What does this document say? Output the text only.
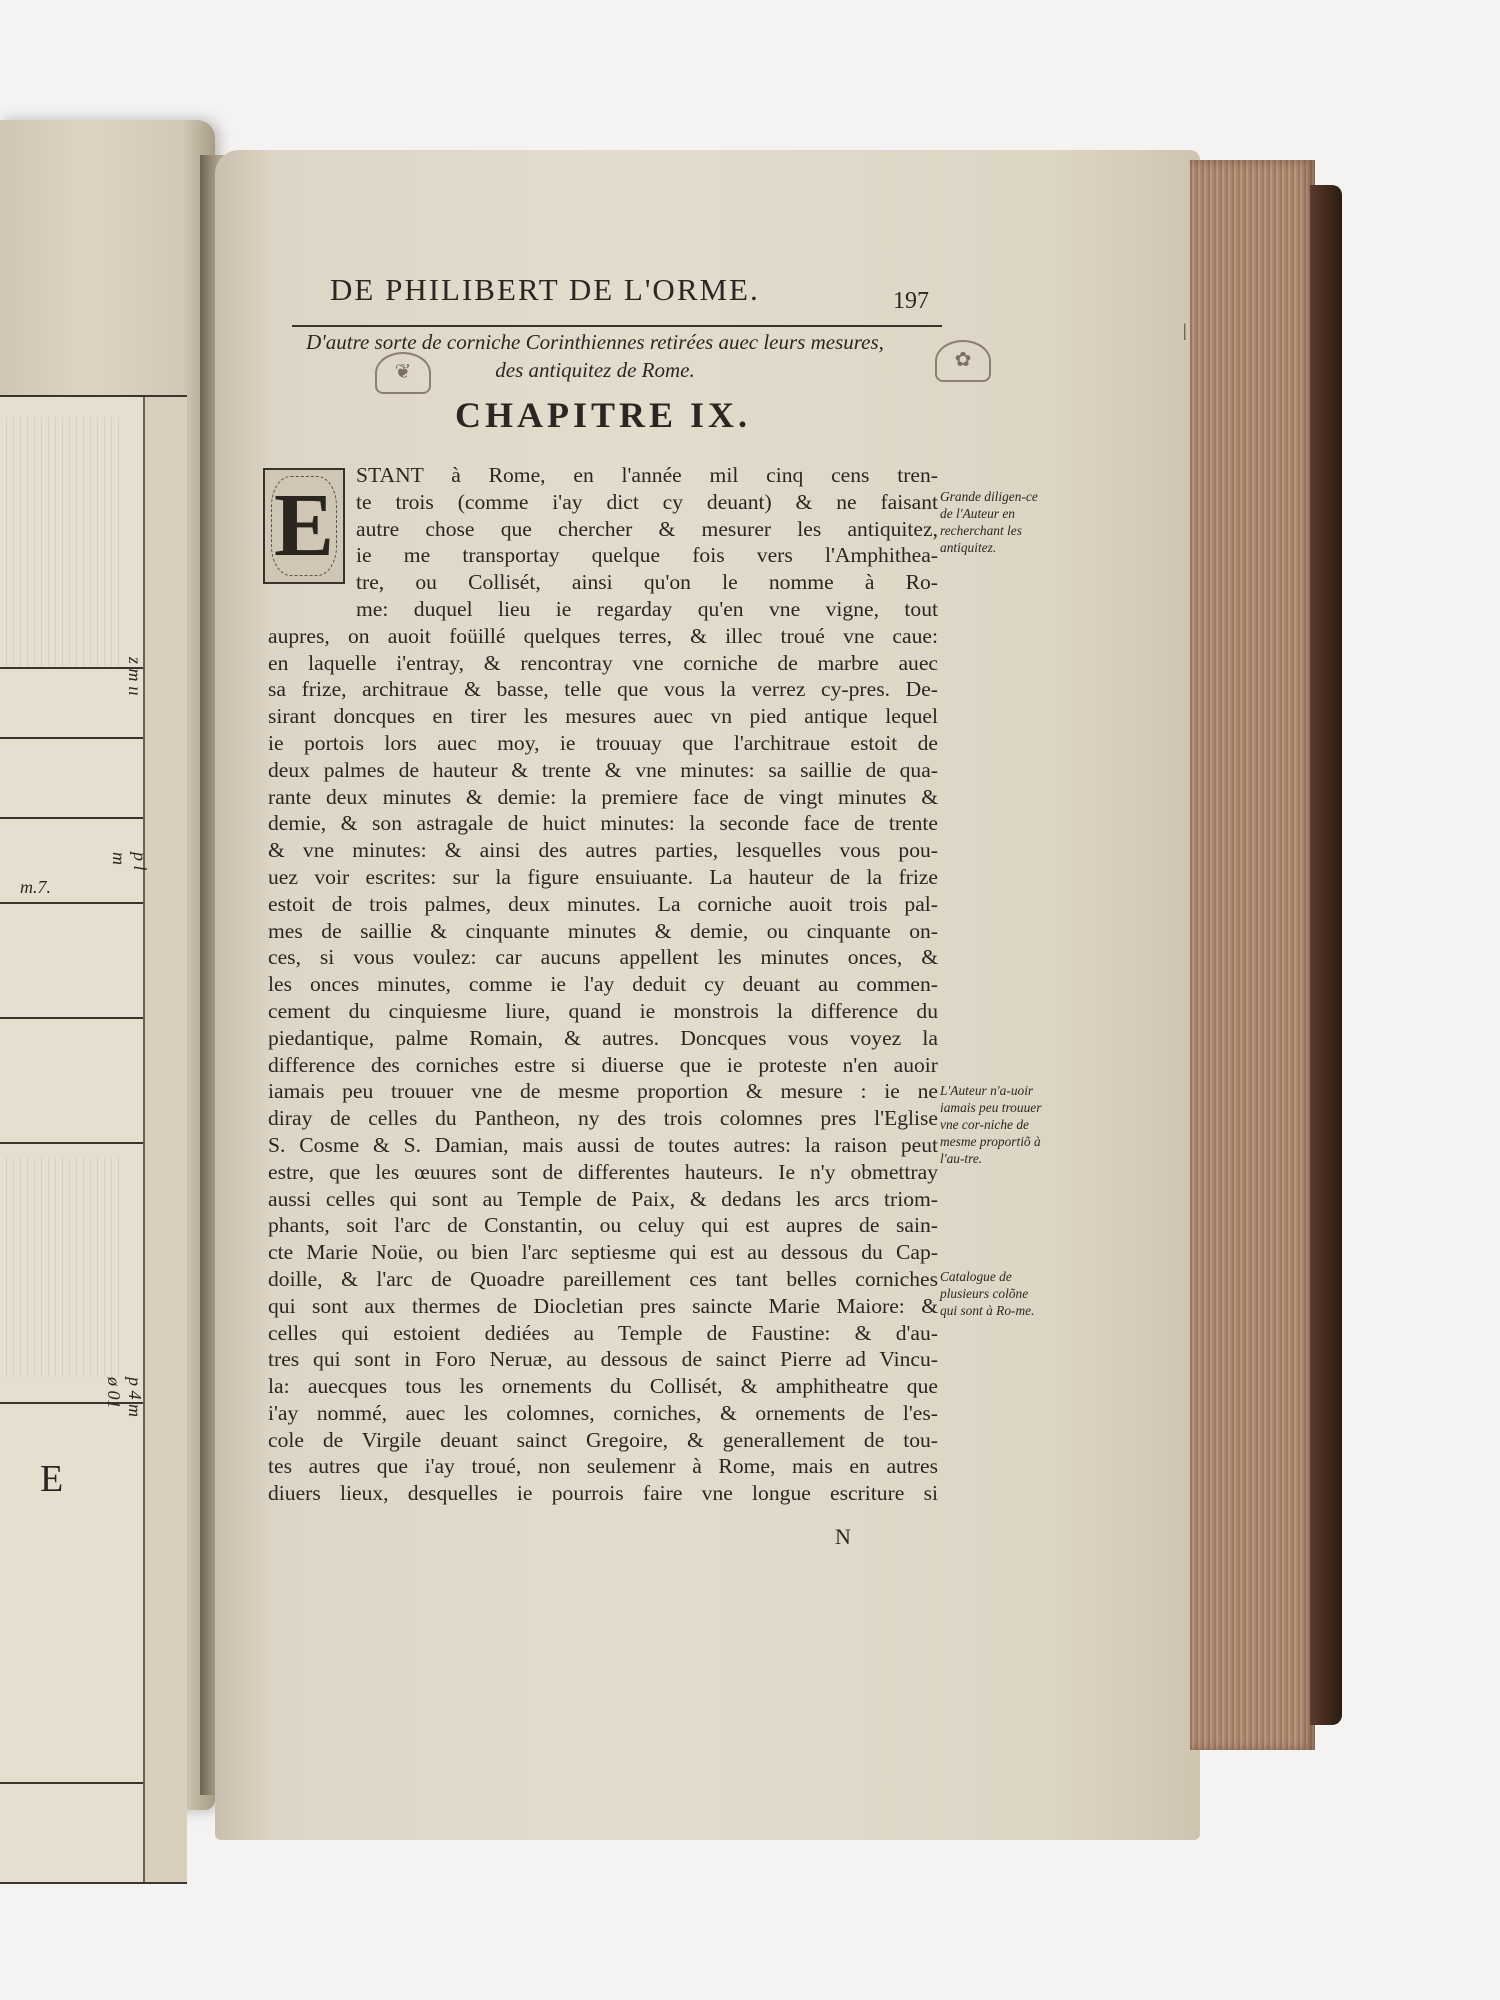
p 4 m ø 01
z m ıı
m.7.
p l m
E
|
DE PHILIBERT DE L'ORME.	197
D'autre sorte de corniche Corinthiennes retirées auec leurs mesures, des antiquitez de Rome.
❦
✿
CHAPITRE IX.
E
STANT à Rome, en l'année mil cinq cens tren-
te trois (comme i'ay dict cy deuant) & ne faisant
autre chose que chercher & mesurer les antiquitez,
ie me transportay quelque fois vers l'Amphitheа-
tre, ou Collisét, ainsi qu'on le nomme à Ro-
me: duquel lieu ie regarday qu'en vne vigne, tout
aupres, on auoit foüillé quelques terres, & illec troué vne caue:
en laquelle i'entray, & rencontray vne corniche de marbre auec
sa frize, architraue & basse, telle que vous la verrez cy-pres. De-
sirant doncques en tirer les mesures auec vn pied antique lequel
ie portois lors auec moy, ie trouuay que l'architraue estoit de
deux palmes de hauteur & trente & vne minutes: sa saillie de qua-
rante deux minutes & demie: la premiere face de vingt minutes &
demie, & son astragale de huict minutes: la seconde face de trente
& vne minutes: & ainsi des autres parties, lesquelles vous pou-
uez voir escrites: sur la figure ensuiuante. La hauteur de la frize
estoit de trois palmes, deux minutes. La corniche auoit trois pal-
mes de saillie & cinquante minutes & demie, ou cinquante on-
ces, si vous voulez: car aucuns appellent les minutes onces, &
les onces minutes, comme ie l'ay deduit cy deuant au commen-
cement du cinquiesme liure, quand ie monstrois la difference du
piedantique, palme Romain, & autres. Doncques vous voyez la
difference des corniches estre si diuerse que ie proteste n'en auoir
iamais peu trouuer vne de mesme proportion & mesure : ie ne
diray de celles du Pantheon, ny des trois colomnes pres l'Eglise
S. Cosme & S. Damian, mais aussi de toutes autres: la raison peut
estre, que les œuures sont de differentes hauteurs. Ie n'y obmettray
aussi celles qui sont au Temple de Paix, & dedans les arcs triom-
phants, soit l'arc de Constantin, ou celuy qui est aupres de sain-
cte Marie Noüe, ou bien l'arc septiesme qui est au dessous du Cap-
doille, & l'arc de Quoadre pareillement ces tant belles corniches
qui sont aux thermes de Diocletian pres saincte Marie Maiore: &
celles qui estoient dediées au Temple de Faustine: & d'au-
tres qui sont in Foro Neruæ, au dessous de sainct Pierre ad Vincu-
la: auecques tous les ornements du Collisét, & amphitheatre que
i'ay nommé, auec les colomnes, corniches, & ornements de l'es-
cole de Virgile deuant sainct Gregoire, & generallement de tou-
tes autres que i'ay troué, non seulemenr à Rome, mais en autres
diuers lieux, desquelles ie pourrois faire vne longue escriture si
Grande diligen-ce de l'Auteur en recherchant les antiquitez.
L'Auteur n'a-uoir iamais peu trouuer vne cor-niche de mesme proportiõ à l'au-tre.
Catalogue de plusieurs colõne qui sont à Ro-me.
N
